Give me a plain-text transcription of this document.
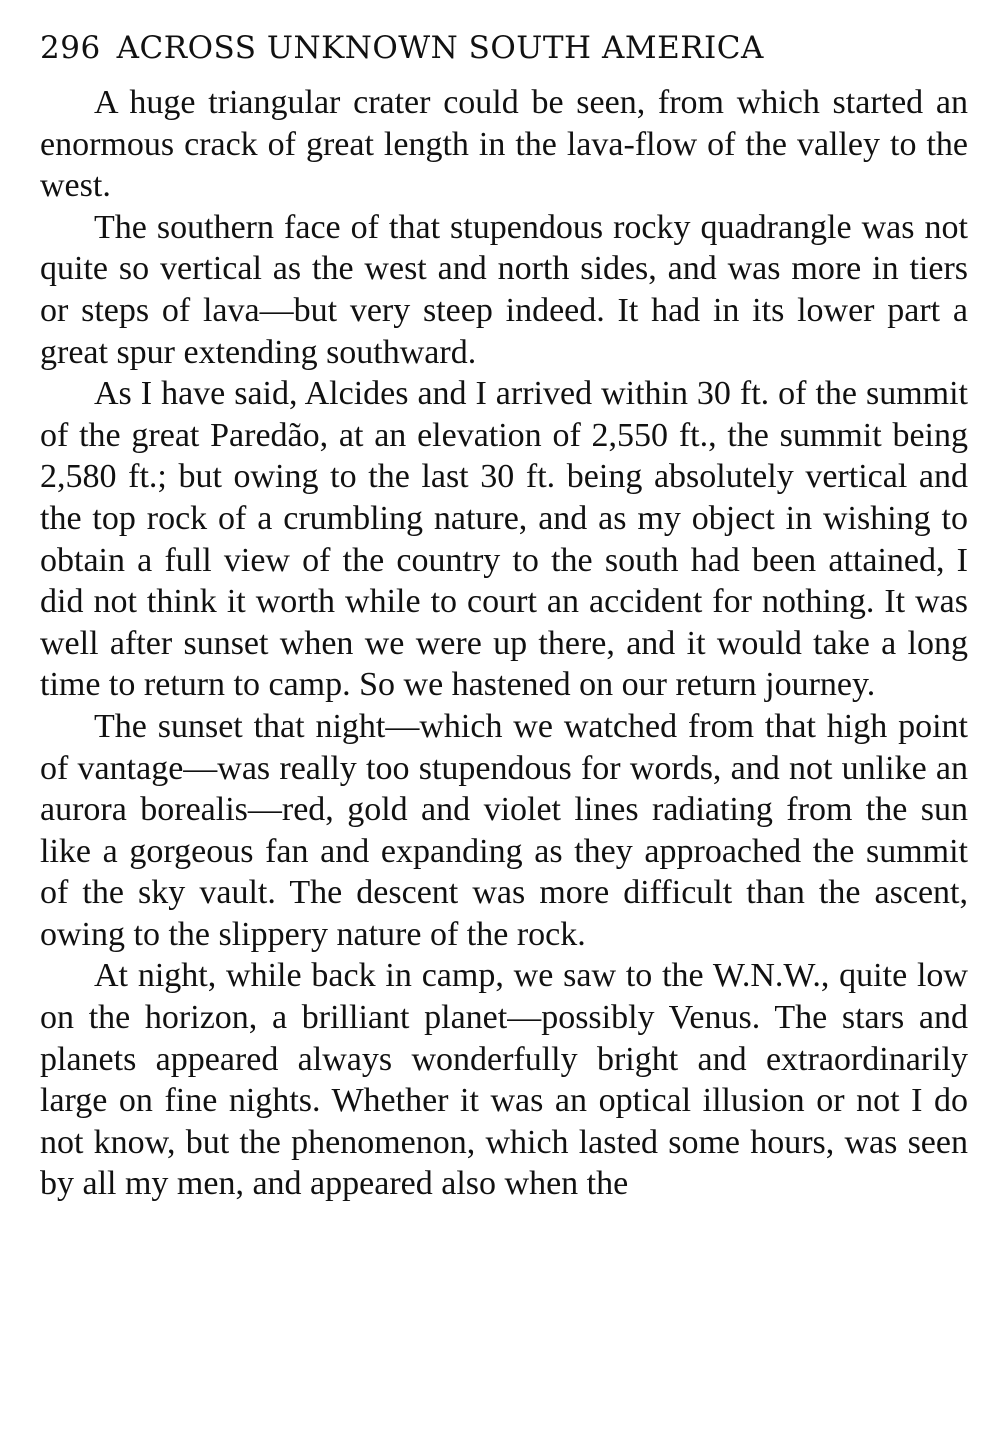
296 ACROSS UNKNOWN SOUTH AMERICA

A huge triangular crater could be seen, from which started an enormous crack of great length in the lava-flow of the valley to the west.

The southern face of that stupendous rocky quadrangle was not quite so vertical as the west and north sides, and was more in tiers or steps of lava—but very steep indeed. It had in its lower part a great spur extending southward.

As I have said, Alcides and I arrived within 30 ft. of the summit of the great Paredão, at an elevation of 2,550 ft., the summit being 2,580 ft.; but owing to the last 30 ft. being absolutely vertical and the top rock of a crumbling nature, and as my object in wishing to obtain a full view of the country to the south had been attained, I did not think it worth while to court an accident for nothing. It was well after sunset when we were up there, and it would take a long time to return to camp. So we hastened on our return journey.

The sunset that night—which we watched from that high point of vantage—was really too stupendous for words, and not unlike an aurora borealis—red, gold and violet lines radiating from the sun like a gorgeous fan and expanding as they approached the summit of the sky vault. The descent was more difficult than the ascent, owing to the slippery nature of the rock.

At night, while back in camp, we saw to the W.N.W., quite low on the horizon, a brilliant planet—possibly Venus. The stars and planets appeared always wonderfully bright and extraordinarily large on fine nights. Whether it was an optical illusion or not I do not know, but the phenomenon, which lasted some hours, was seen by all my men, and appeared also when the
